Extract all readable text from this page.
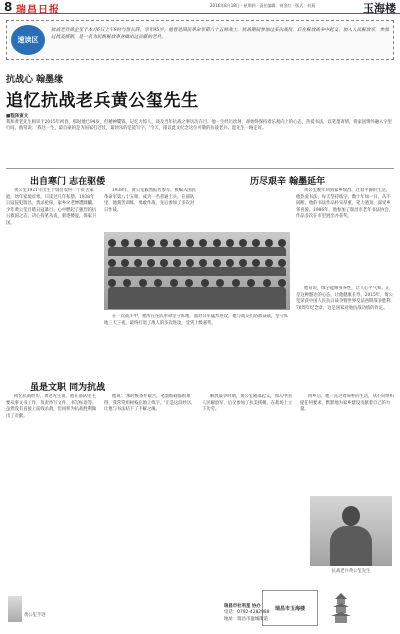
8 瑞昌日报	2016年8月18日 · 星期四 · 责任编辑：何金红 · 版式：何燕	玉海楼
速读区
抗战老兵黄企玺于本月6日上午9时与世长辞，享年95岁。他曾是国民革命军第八十五师战士，抗战期间参加过多次战役，后在解放战争中起义，加入人民解放军，参加过抗美援朝，是一名为民族解放事业做出过贡献的老兵。
抗战心 翰墨缘
追忆抗战老兵黄公玺先生
■程泽寅文
我和黄老先生相识于2015年初春，那时他已94岁，但精神矍铄，记忆力惊人，谈及当年抗战之事历历在目。他一生经历坎坷，却始终保持着乐观向上的心态，热爱书法，以笔墨寄情，将家国情怀融入字里行间。他常说：'我这一生，最自豪的是为国家打过仗，最快乐的是能写字。'今天，谨以此文纪念这位可敬的抗战老兵。愿先生一路走好。
出自寒门 志在驱倭

黄公玺1921年出生于瑞昌农村一个贫苦家庭，幼年家境贫寒，只读过几年私塾。1938年日寇侵犯瑞昌，烧杀抢掠，家乡父老惨遭蹂躏。少年黄公玺目睹日寇暴行，心中燃起了强烈的抗日救国之志，决心投笔从戎，驱逐倭寇，保家卫国。

1938年，黄公玺毅然报名参军，被编入国民革命军第八十五师，成为一名普通士兵。在部队里，他刻苦训练，勇敢作战，先后参加了多次对日作战。

在一次战斗中，他所在连队奉命坚守阵地，面对日军猛烈进攻，他与战友们浴血奋战，坚守阵地三天三夜，最终打退了敌人的多次进攻，受到上级嘉奖。

历尽艰辛 翰墨延年

黄公玺晚年回到家乡瑞昌，过着平静的生活。他热爱书法，每天坚持练字，数十年如一日，从不间断。他的书法作品朴实厚重，笔力遒劲，深受乡邻喜爱。1986年，他参加了瑞昌市老年书法协会，作品多次在市里展出并获奖。

他常说，练字能修身养性，让人心平气和。正是这种豁达的心态，让他健康长寿。2015年，黄公玺荣获中国人民抗日战争暨世界反法西斯战争胜利70周年纪念章，这是国家对他抗战功绩的肯定。

虽是文职 同为抗战

回忆抗战经历，黄老先生说，他在部队里主要从事文书工作，负责抄写文件、书写标语等。虽然没有直接上前线杀敌，但同样为抗战胜利做出了贡献。

他说：'那时候条件艰苦，笔墨纸砚都很难得，我常常用树枝在地上练字。'正是这段经历，让他与书法结下了不解之缘。

解放战争时期，黄公玺随部起义，加入中国人民解放军，后又参加了抗美援朝，在战场上立下功劳。

回乡后，他一直过着简朴的生活，从不向组织提任何要求，默默地为家乡建设贡献着自己的力量。

抗战老兵黄公玺先生
黄公玺手迹
瑞昌市玉海楼
瑞昌市杜利星 协办
电话：0792-4282988
地址：瑞昌市湓城街道
